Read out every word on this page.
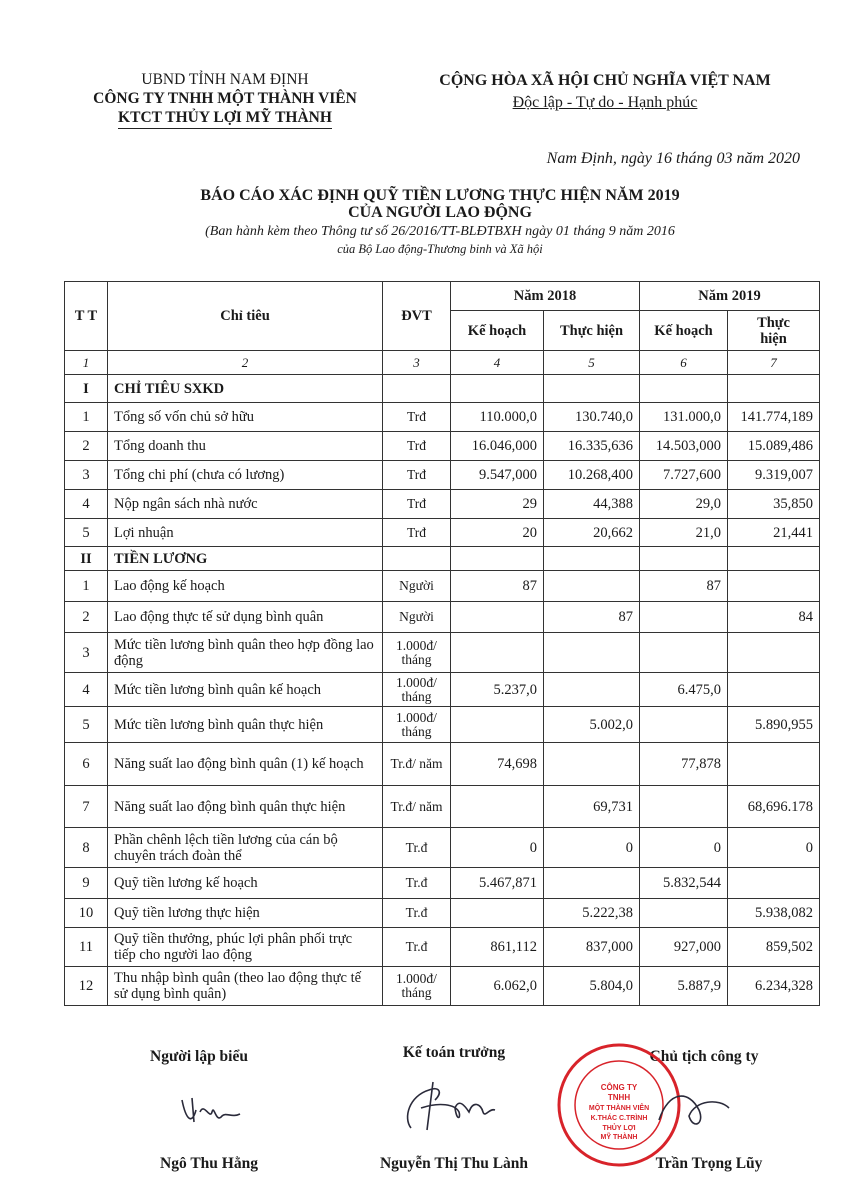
UBND TỈNH NAM ĐỊNH
CÔNG TY TNHH MỘT THÀNH VIÊN
KTCT THỦY LỢI MỸ THÀNH
CỘNG HÒA XÃ HỘI CHỦ NGHĨA VIỆT NAM
Độc lập - Tự do - Hạnh phúc
Nam Định, ngày 16 tháng 03 năm 2020
BÁO CÁO XÁC ĐỊNH QUỸ TIỀN LƯƠNG THỰC HIỆN NĂM 2019
CỦA NGƯỜI LAO ĐỘNG
(Ban hành kèm theo Thông tư số 26/2016/TT-BLĐTBXH ngày 01 tháng 9 năm 2016
của Bộ Lao động-Thương binh và Xã hội
T T	Chỉ tiêu	ĐVT	Năm 2018		Năm 2019	
			Kế hoạch	Thực hiện	Kế hoạch	Thực hiện
1	2	3	4	5	6	7
I	CHỈ TIÊU SXKD					
1	Tổng số vốn chủ sở hữu	Trđ	110.000,0	130.740,0	131.000,0	141.774,189
2	Tổng doanh thu	Trđ	16.046,000	16.335,636	14.503,000	15.089,486
3	Tổng chi phí (chưa có lương)	Trđ	9.547,000	10.268,400	7.727,600	9.319,007
4	Nộp ngân sách nhà nước	Trđ	29	44,388	29,0	35,850
5	Lợi nhuận	Trđ	20	20,662	21,0	21,441
II	TIỀN LƯƠNG					
1	Lao động kế hoạch	Người	87		87	
2	Lao động thực tế sử dụng bình quân	Người		87		84
3	Mức tiền lương bình quân theo hợp đồng lao động	1.000đ/ tháng				
4	Mức tiền lương bình quân kế hoạch	1.000đ/ tháng	5.237,0		6.475,0	
5	Mức tiền lương bình quân thực hiện	1.000đ/ tháng		5.002,0		5.890,955
6	Năng suất lao động bình quân (1) kế hoạch	Tr.đ/ năm	74,698		77,878	
7	Năng suất lao động bình quân thực hiện	Tr.đ/ năm		69,731		68,696.178
8	Phần chênh lệch tiền lương của cán bộ chuyên trách đoàn thể	Tr.đ	0	0	0	0
9	Quỹ tiền lương kế hoạch	Tr.đ	5.467,871		5.832,544	
10	Quỹ tiền lương thực hiện	Tr.đ		5.222,38		5.938,082
11	Quỹ tiền thưởng, phúc lợi phân phối trực tiếp cho người lao động	Tr.đ	861,112	837,000	927,000	859,502
12	Thu nhập bình quân (theo lao động thực tế sử dụng bình quân)	1.000đ/ tháng	6.062,0	5.804,0	5.887,9	6.234,328
Người lập biểu	Kế toán trưởng	Chủ tịch công ty
CÔNG TY
TNHH
MỘT THÀNH VIÊN
K.THÁC C.TRÌNH
THỦY LỢI
MỸ THÀNH
Ngô Thu Hằng	Nguyễn Thị Thu Lành	Trần Trọng Lũy
